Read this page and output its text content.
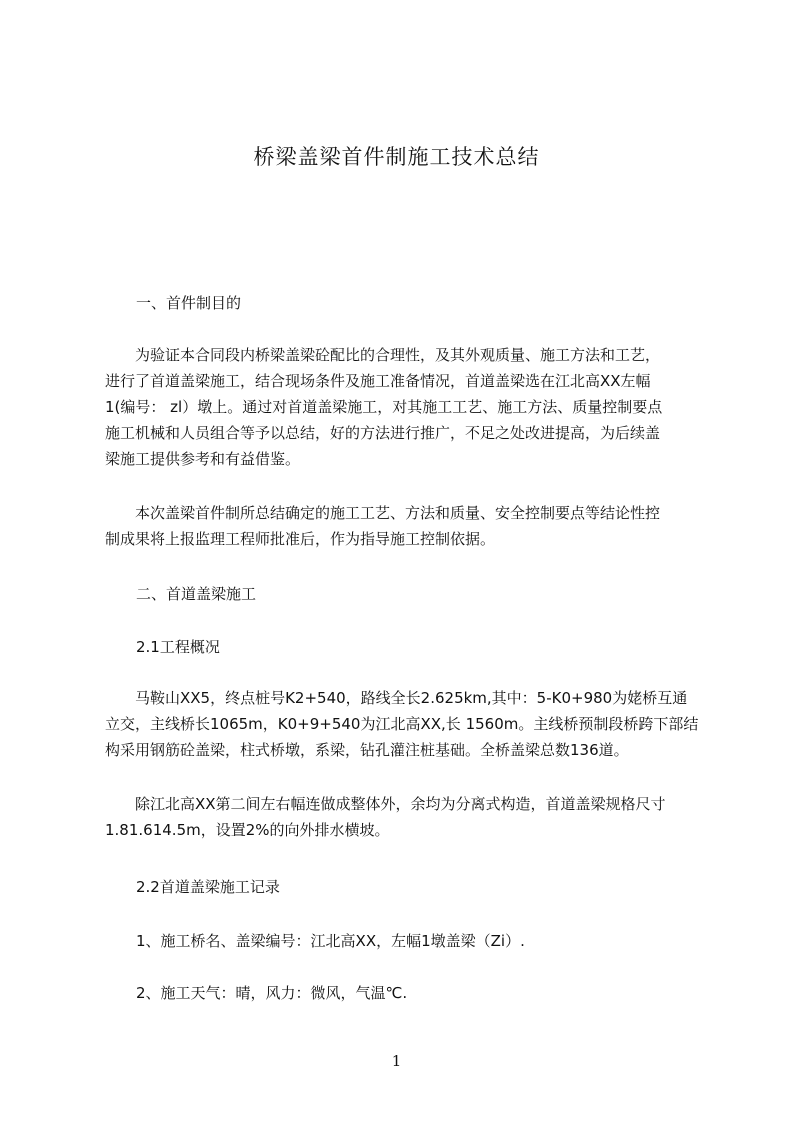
桥梁盖梁首件制施工技术总结
一、首件制目的
　　为验证本合同段内桥梁盖梁砼配比的合理性，及其外观质量、施工方法和工艺，
进行了首道盖梁施工，结合现场条件及施工准备情况，首道盖梁选在江北高XX左幅
1(编号： zl）墩上。通过对首道盖梁施工，对其施工工艺、施工方法、质量控制要点
施工机械和人员组合等予以总结，好的方法进行推广，不足之处改进提高，为后续盖
梁施工提供参考和有益借鉴。
　　本次盖梁首件制所总结确定的施工工艺、方法和质量、安全控制要点等结论性控
制成果将上报监理工程师批准后，作为指导施工控制依据。
二、首道盖梁施工
2.1工程概况
　　马鞍山XX5，终点桩号K2+540，路线全长2.625km,其中：5-K0+980为姥桥互通
立交，主线桥长1065m，K0+9+540为江北高XX,长 1560m。主线桥预制段桥跨下部结
构采用钢筋砼盖梁，柱式桥墩，系梁，钻孔灌注桩基础。全桥盖梁总数136道。
　　除江北高XX第二间左右幅连做成整体外，余均为分离式构造，首道盖梁规格尺寸
1.81.614.5m，设置2%的向外排水横坡。
2.2首道盖梁施工记录
1、施工桥名、盖梁编号：江北高XX，左幅1墩盖梁（Zi）.
2、施工天气：晴，风力：微风，气温℃.
1
